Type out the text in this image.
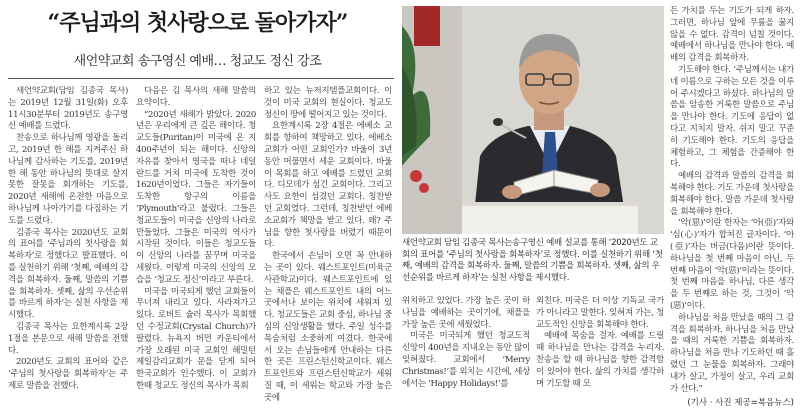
“주님과의 첫사랑으로 돌아가자”
새언약교회 송구영신 예배… 청교도 정신 강조

새언약교회(담임 김종국 목사)는 2019년 12월 31일(화) 오후 11시30분부터 2019년도 송구영신 예배를 드렸다.

찬송으로 하나님께 영광을 돌리고, 2019년 한 해를 지켜주신 하나님께 감사하는 기도를, 2019년 한 해 동안 하나님의 뜻대로 살지 못한 잘못을 회개하는 기도를, 2020년 새해에 온전한 마음으로 하나님께 나아가기를 다짐하는 기도를 드렸다.

김종국 목사는 2020년도 교회의 표어를 ‘주님과의 첫사랑을 회복하자’로 정했다고 발표했다. 이를 실천하기 위해 ‘첫째, 예배의 감격을 회복하자. 둘째, 말씀의 기쁨을 회복하자. 셋째, 삶의 우선순위를 바르게 하자’는 실천 사항을 제시했다.

김종국 목사는 요한계시록 2장 1절을 본문으로 새해 말씀을 전했다.

2020년도 교회의 표어와 같은 ‘주님의 첫사랑을 회복하자’는 주제로 말씀을 전했다.

다음은 김 목사의 새해 말씀의 요약이다.

“2020년 새해가 밝았다. 2020년은 우리에게 큰 깊은 해이다. 청교도들(Puritan)이 미국에 온 지 400주년이 되는 해이다. 신앙의 자유를 찾아서 영국을 떠나 네덜란드를 거쳐 미국에 도착한 것이 1620년이었다. 그들은 자기들이 도착한 항구의 이름을 ‘Plymouth’라고 불렀다. 그들은 청교도들이 미국을 신앙의 나라로 만들었다. 그들은 미국의 역사가 시작된 것이다. 이들은 청교도들이 신앙의 나라를 꿈꾸며 미국을 세웠다. 이렇게 미국의 신앙의 모습을 ‘청교도 정신’이라고 부른다.

미국을 미국되게 했던 교회들이 무너져 내리고 있다. 사라져가고 있다. 로버트 슐러 목사가 목회했던 수정교회(Crystal Church)가 팔렸다. 뉴욕지 버먼 카운티에서 가장 오래된 미국 교회인 해밀턴제일감리교회가 문을 닫게 되어 한국교회가 인수했다. 이 교회가 한때 청교도 정신의 목사가 목회

하고 있는 뉴저지템플교회이다. 이것이 미국 교회의 현실이다. 청교도 정신이 땅에 떨어지고 있는 것이다.

요한계시록 2장 4절은 에베소 교회를 향하여 책망하고 있다. 에베소교회가 어떤 교회인가? 바울이 3년 동안 머물면서 세운 교회이다. 바울이 목회를 하고 예배를 드렸던 교회다. 디모데가 섬긴 교회이다. 그리고 사도 요한이 섬겼던 교회다. 칭찬받던 교회였다. 그런데, 칭찬받던 에베소교회가 책망을 받고 있다. 왜? 주님을 향한 첫사랑을 버렸기 때문이다.

한국에서 손님이 오면 꼭 안내하는 곳이 있다. 웨스트포인트(미육군사관학교)이다. 웨스트포인트에 있는 채플은 웨스트포인트 내의 어느 곳에서나 보이는 위치에 세워져 있다. 청교도들은 교회 중심, 하나님 중심의 신앙생활을 했다. 주일 성수를 목숨처럼 소중하게 여겼다. 한국에서 오는 손님들에게 안내하는 다른 한 곳은 프린스턴신학교이다. 웨스트포인트와 프린스턴신학교가 세워질 때, 이 세워는 학교와 가장 높은 곳에

새언약교회 담임 김종국 목사는송구영신 예배 설교를 통해 ‘2020년도 교회의 표어를 ‘주님의 첫사랑을 회복하자’로 정했다. 이를 실천하기 위해 ‘첫째, 예배의 감격을 회복하자. 둘째, 말씀의 기쁨을 회복하자. 셋째, 삶의 우선순위를 바르게 하자’는 실천 사항을 제시했다.

위치하고 있었다. 가장 높은 곳이 하나님을 예배하는 곳이기에, 채플을 가장 높은 곳에 세웠었다.

미국은 미국되게 했던 청교도적 신앙이 400년을 지내오는 동안 많이 잊혀졌다. 교회에서 ‘Merry Christmas!’를 외치는 시간에, 세상에서는 ‘Happy Holidays!’를

외친다. 미국은 더 이상 기독교 국가가 아니라고 말한다. 잊혀져 가는, 청교도적인 신앙을 회복해야 한다.

예배에 목숨을 걸자. 예배를 드릴 때 하나님을 만나는 감격을 누리자. 찬송을 할 때 하나님을 향한 감격함이 있어야 한다. 삶의 가치를 생각하며 기도할 때 모

든 가치를 두는 기도가 되게 하자. 그러면, 하나님 앞에 무릎을 꿇지 않을 수 없다. 감격이 넘칠 것이다. 예배에서 하나님을 만나야 한다. 예배의 감격을 회복하자.

기도해야 한다. ‘주님께서는 내가 네 이름으로 구하는 모든 것을 이루어 주시겠다고 하셨다. 하나님의 말씀을 암송한 거룩한 말씀으로 주님을 만나야 한다. 기도에 응답이 없다고 지치지 말자. 쉬지 말고 꾸준히 기도해야 한다. 기도의 응답을 체험하고, 그 체험을 간증해야 한다.

예배의 감격과 말씀의 감격을 회복해야 한다. 기도 가운데 첫사랑을 회복해야 한다. 말씀 가운데 첫사랑을 회복해야 한다.

‘악(惡)’이란 한자는 ‘아(亞)’자와 ‘심(心)’자가 합쳐진 글자이다. ‘아(亞)’자는 버금(다음)이란 뜻이다. 하나님을 첫 번째 마음이 아닌, 두 번째 마음이 ‘악(惡)’이라는 뜻이다. 첫 번째 마음을 하나님, 다른 생각을 두 번째로 하는 것, 그것이 ‘악(惡)’이다.

하나님을 처음 만났을 때의 그 감격을 회복하자. 하나님을 처음 만났을 때의 거룩한 기쁨을 회복하자. 하나님을 처음 만나 기도하던 때 흘렸던 그 눈물을 회복하자. 그래야 내가 살고, 가정이 살고, 우리 교회가 산다.”

(기사 · 사진 제공=복음뉴스)
